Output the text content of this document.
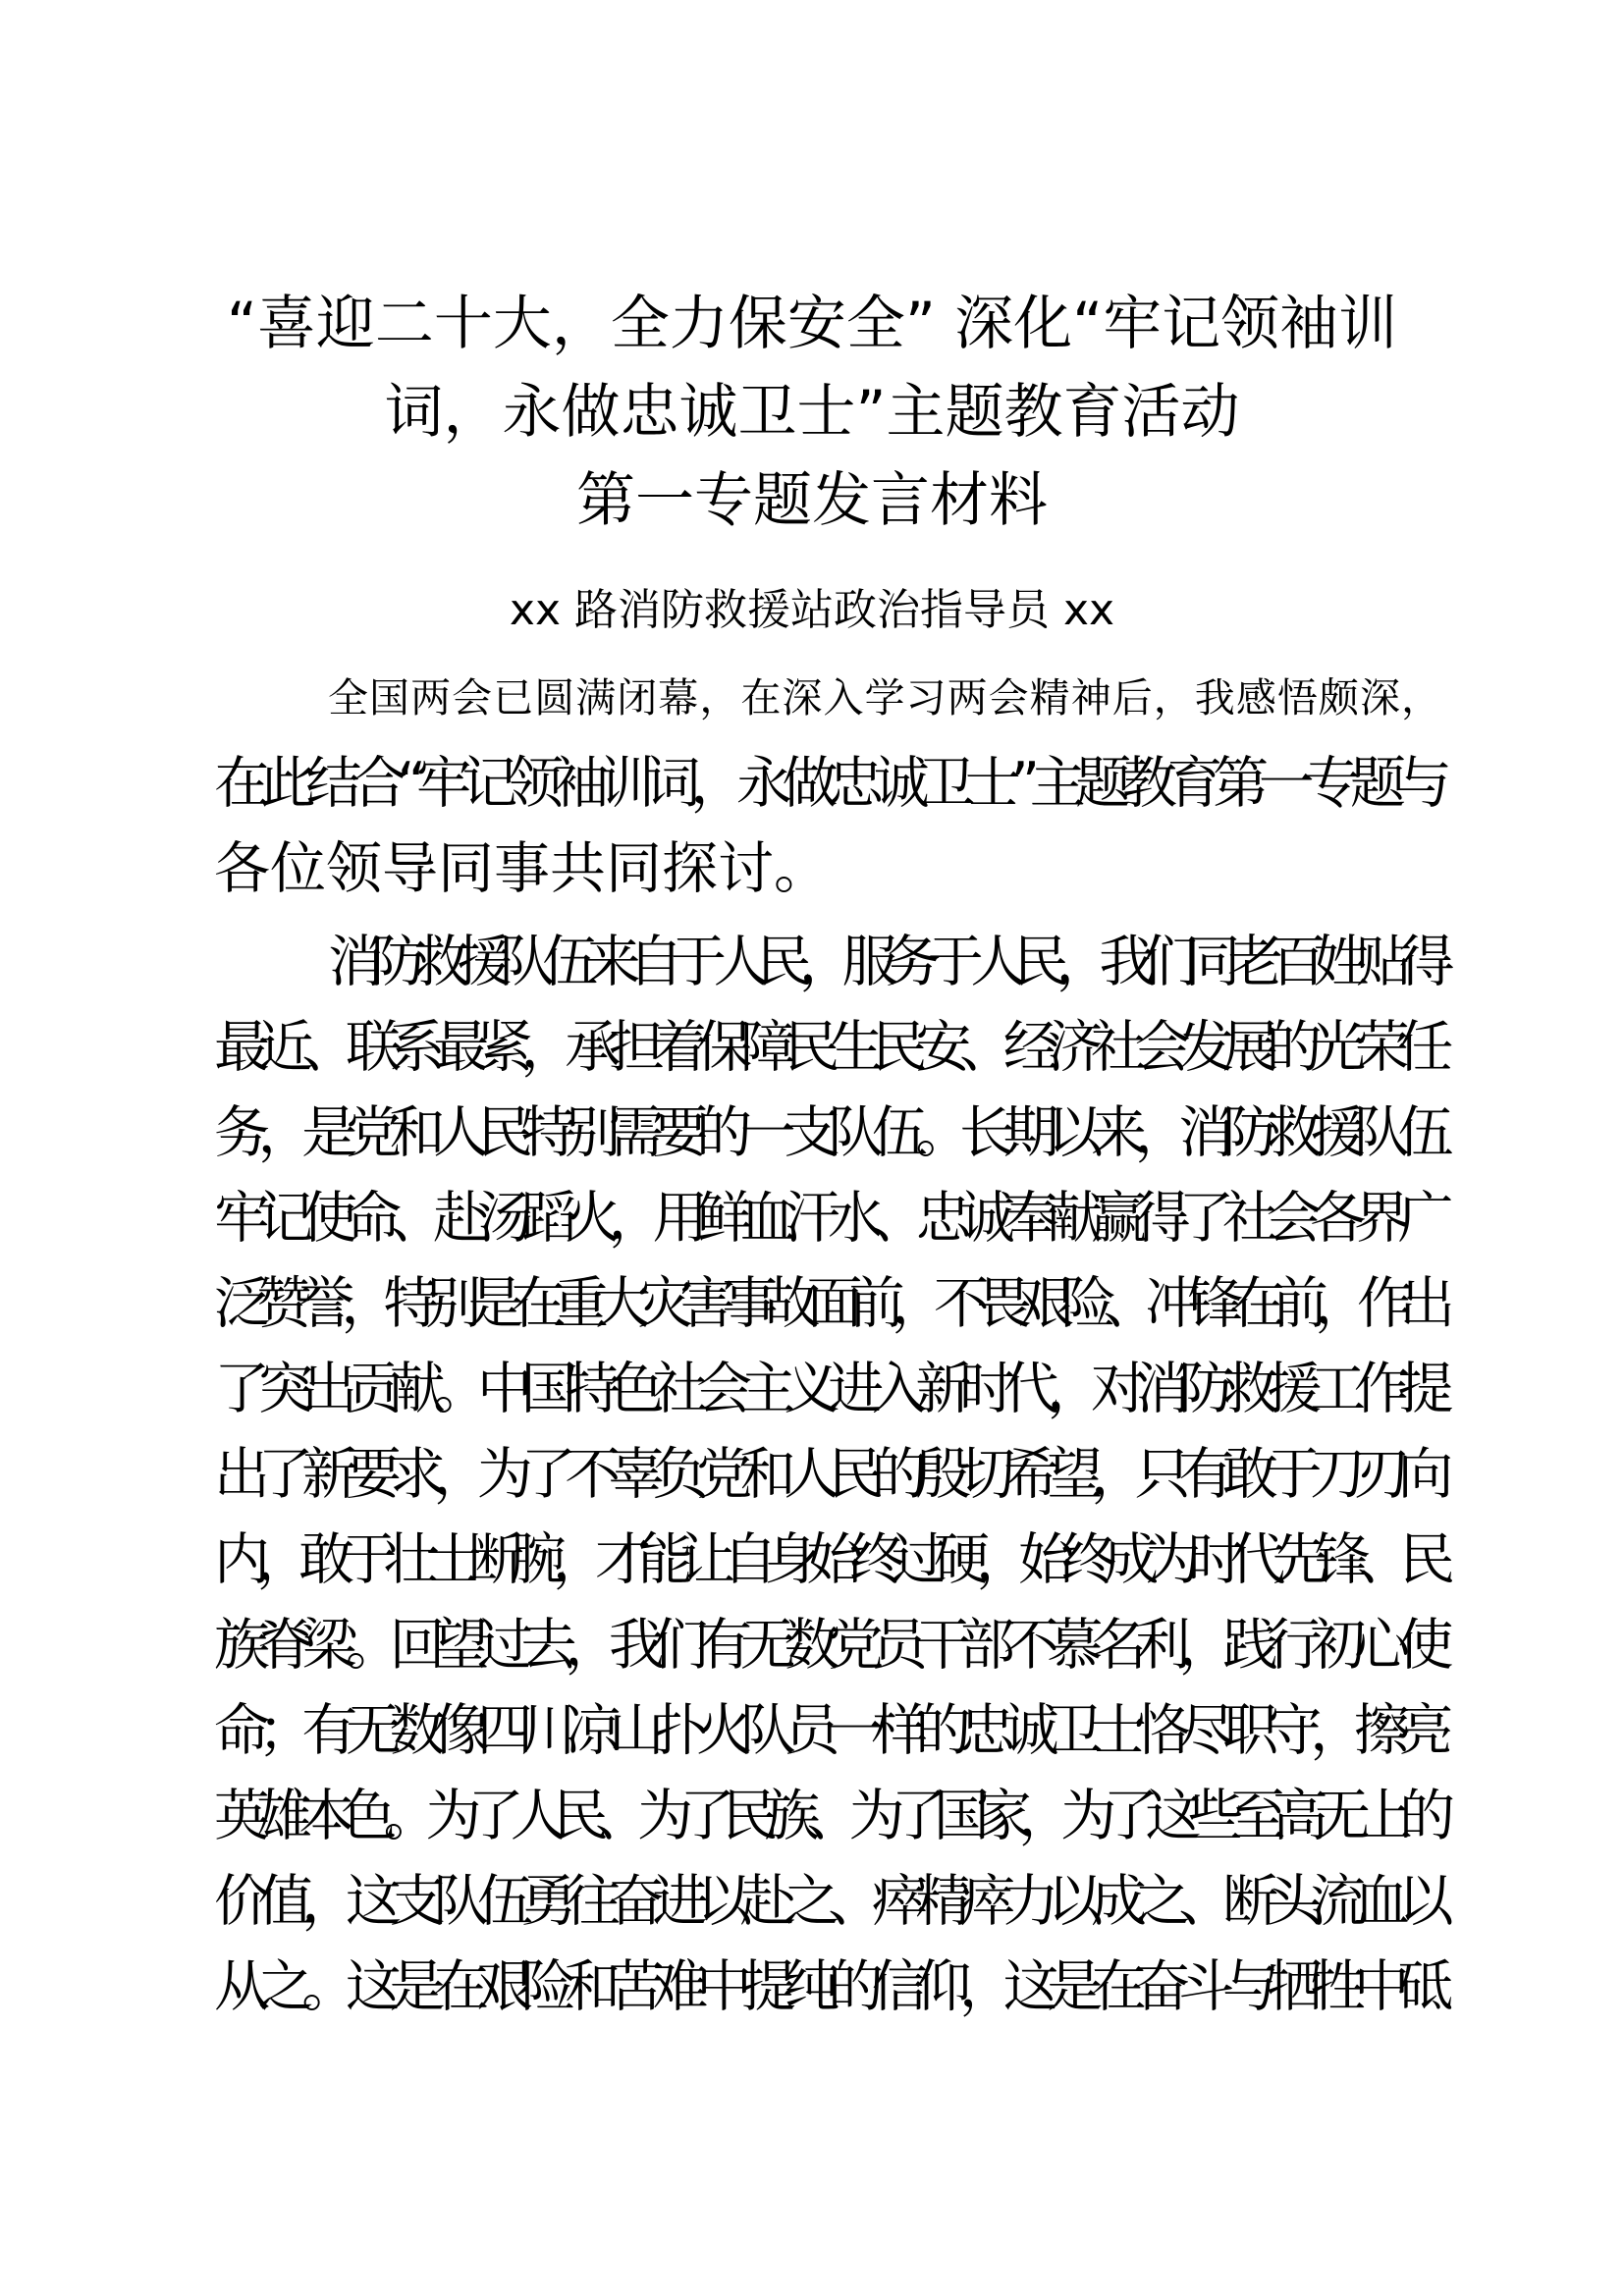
“喜迎二十大，全力保安全” 深化“牢记领袖训
词，永做忠诚卫士”主题教育活动
第一专题发言材料
xx 路消防救援站政治指导员 xx
全国两会已圆满闭幕，在深入学习两会精神后，我感悟颇深，
在此结合“牢记领袖训词，永做忠诚卫士”主题教育第一专题与
各位领导同事共同探讨。
消防救援队伍来自于人民，服务于人民，我们同老百姓贴得
最近、联系最紧，承担着保障民生民安、经济社会发展的光荣任
务，是党和人民特别需要的一支队伍。长期以来，消防救援队伍
牢记使命、赴汤蹈火，用鲜血汗水、忠诚奉献赢得了社会各界广
泛赞誉，特别是在重大灾害事故面前，不畏艰险、冲锋在前，作出
了突出贡献。中国特色社会主义进入新时代，对消防救援工作提
出了新要求，为了不辜负党和人民的殷切希望，只有敢于刀刃向
内，敢于壮士断腕，才能让自身始终过硬，始终成为时代先锋、民
族脊梁。回望过去，我们有无数党员干部不慕名利，践行初心使
命；有无数像四川凉山扑火队员一样的忠诚卫士恪尽职守，擦亮
英雄本色。为了人民、为了民族、为了国家，为了这些至高无上的
价值，这支队伍勇往奋进以赴之、瘁精瘁力以成之、断头流血以
从之。这是在艰险和苦难中提纯的信仰，这是在奋斗与牺牲中砥
